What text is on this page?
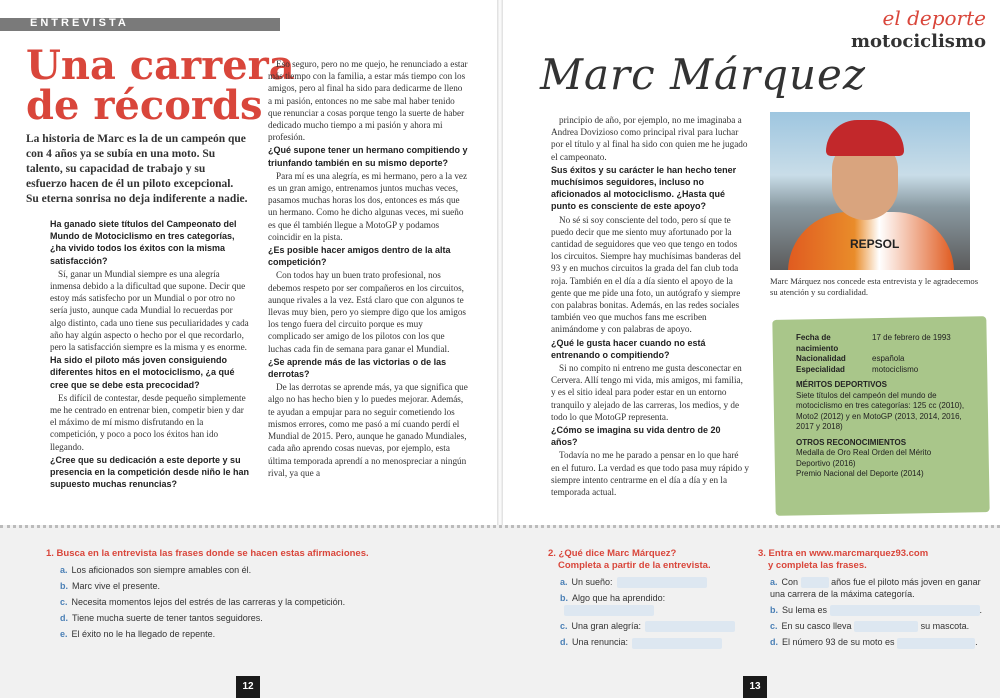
ENTREVISTA
Una carrera
de récords
La historia de Marc es la de un campeón que con 4 años ya se subía en una moto. Su talento, su capacidad de trabajo y su esfuerzo hacen de él un piloto excepcional. Su eterna sonrisa no deja indiferente a nadie.

Ha ganado siete títulos del Campeonato del Mundo de Motociclismo en tres categorías, ¿ha vivido todos los éxitos con la misma satisfacción?

Sí, ganar un Mundial siempre es una alegría inmensa debido a la dificultad que supone. Decir que estoy más satisfecho por un Mundial o por otro no sería justo, aunque cada Mundial lo recuerdas por algo distinto, cada uno tiene sus peculiaridades y cada año hay algún aspecto o hecho por el que recordarlo, pero la satisfacción siempre es la misma y es enorme.

Ha sido el piloto más joven consiguiendo diferentes hitos en el motociclismo, ¿a qué cree que se debe esta precocidad?

Es difícil de contestar, desde pequeño simplemente me he centrado en entrenar bien, competir bien y dar el máximo de mí mismo disfrutando en la competición, y poco a poco los éxitos han ido llegando.

¿Cree que su dedicación a este deporte y su presencia en la competición desde niño le han supuesto muchas renuncias?

Eso seguro, pero no me quejo, he renunciado a estar más tiempo con la familia, a estar más tiempo con los amigos, pero al final ha sido para dedicarme de lleno a mi pasión, entonces no me sabe mal haber tenido que renunciar a cosas porque tengo la suerte de haber dedicado mucho tiempo a mi pasión y ahora mi profesión.

¿Qué supone tener un hermano compitiendo y triunfando también en su mismo deporte?

Para mí es una alegría, es mi hermano, pero a la vez es un gran amigo, entrenamos juntos muchas veces, pasamos muchas horas los dos, entonces es más que un hermano. Como he dicho algunas veces, mi sueño es que él también llegue a MotoGP y podamos coincidir en la pista.

¿Es posible hacer amigos dentro de la alta competición?

Con todos hay un buen trato profesional, nos debemos respeto por ser compañeros en los circuitos, aunque rivales a la vez. Está claro que con algunos te llevas muy bien, pero yo siempre digo que los amigos los tengo fuera del circuito porque es muy complicado ser amigo de los pilotos con los que luchas cada fin de semana para ganar el Mundial.

¿Se aprende más de las victorias o de las derrotas?

De las derrotas se aprende más, ya que significa que algo no has hecho bien y lo puedes mejorar. Además, te ayudan a empujar para no seguir cometiendo los mismos errores, como me pasó a mí cuando perdí el Mundial de 2015. Pero, aunque he ganado Mundiales, cada año aprendo cosas nuevas, por ejemplo, esta última temporada aprendí a no menospreciar a ningún rival, ya que a

principio de año, por ejemplo, no me imaginaba a Andrea Dovizioso como principal rival para luchar por el título y al final ha sido con quien me he jugado el campeonato.

Sus éxitos y su carácter le han hecho tener muchísimos seguidores, incluso no aficionados al motociclismo. ¿Hasta qué punto es consciente de este apoyo?

No sé si soy consciente del todo, pero sí que te puedo decir que me siento muy afortunado por la cantidad de seguidores que veo que tengo en todos los circuitos. Siempre hay muchísimas banderas del 93 y en muchos circuitos la grada del fan club toda roja. También en el día a día siento el apoyo de la gente que me pide una foto, un autógrafo y siempre con palabras bonitas. Además, en las redes sociales también veo que muchos fans me escriben animándome y con palabras de apoyo.

¿Qué le gusta hacer cuando no está entrenando o compitiendo?

Si no compito ni entreno me gusta desconectar en Cervera. Allí tengo mi vida, mis amigos, mi familia, y es el sitio ideal para poder estar en un entorno tranquilo y alejado de las carreras, los medios, y de todo lo que MotoGP representa.

¿Cómo se imagina su vida dentro de 20 años?

Todavía no me he parado a pensar en lo que haré en el futuro. La verdad es que todo pasa muy rápido y siempre intento centrarme en el día a día y en la temporada actual.

el deporte
motociclismo
Marc Márquez
REPSOL
Marc Márquez nos concede esta entrevista y le agradecemos su atención y su cordialidad.
Fecha de nacimiento
17 de febrero de 1993
Nacionalidad	española
Especialidad	motociclismo
MÉRITOS DEPORTIVOS
Siete títulos del campeón del mundo de motociclismo en tres categorías: 125 cc (2010), Moto2 (2012) y en MotoGP (2013, 2014, 2016, 2017 y 2018)
OTROS RECONOCIMIENTOS
Medalla de Oro Real Orden del Mérito Deportivo (2016)
Premio Nacional del Deporte (2014)
1. Busca en la entrevista las frases donde se hacen estas afirmaciones.
a. Los aficionados son siempre amables con él.
b. Marc vive el presente.
c. Necesita momentos lejos del estrés de las carreras y la competición.
d. Tiene mucha suerte de tener tantos seguidores.
e. El éxito no le ha llegado de repente.
2. ¿Qué dice Marc Márquez?
Completa a partir de la entrevista.
a. Un sueño:
b. Algo que ha aprendido:
c. Una gran alegría:
d. Una renuncia:
3. Entra en www.marcmarquez93.com
y completa las frases.
a. Con	años fue el piloto más joven en ganar
una carrera de la máxima categoría.
b. Su lema es	.
c. En su casco lleva	su mascota.
d. El número 93 de su moto es	.
12	13
